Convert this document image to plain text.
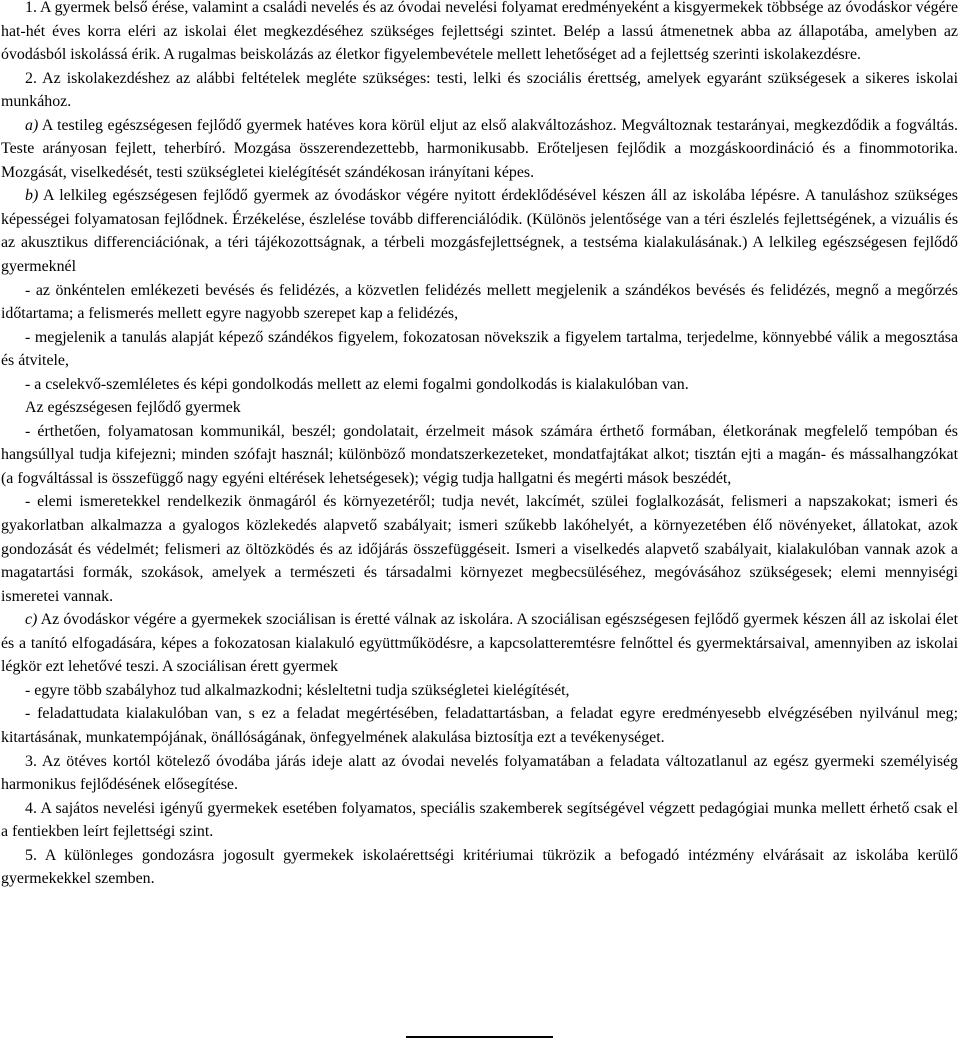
1. A gyermek belső érése, valamint a családi nevelés és az óvodai nevelési folyamat eredményeként a kisgyermekek többsége az óvodáskor végére hat-hét éves korra eléri az iskolai élet megkezdéséhez szükséges fejlettségi szintet. Belép a lassú átmenetnek abba az állapotába, amelyben az óvodásból iskolássá érik. A rugalmas beiskolázás az életkor figyelembevétele mellett lehetőséget ad a fejlettség szerinti iskolakezdésre.

2. Az iskolakezdéshez az alábbi feltételek megléte szükséges: testi, lelki és szociális érettség, amelyek egyaránt szükségesek a sikeres iskolai munkához.

a) A testileg egészségesen fejlődő gyermek hatéves kora körül eljut az első alakváltozáshoz. Megváltoznak testarányai, megkezdődik a fogváltás. Teste arányosan fejlett, teherbíró. Mozgása összerendezettebb, harmonikusabb. Erőteljesen fejlődik a mozgáskoordináció és a finommotorika. Mozgását, viselkedését, testi szükségletei kielégítését szándékosan irányítani képes.

b) A lelkileg egészségesen fejlődő gyermek az óvodáskor végére nyitott érdeklődésével készen áll az iskolába lépésre. A tanuláshoz szükséges képességei folyamatosan fejlődnek. Érzékelése, észlelése tovább differenciálódik. (Különös jelentősége van a téri észlelés fejlettségének, a vizuális és az akusztikus differenciációnak, a téri tájékozottságnak, a térbeli mozgásfejlettségnek, a testséma kialakulásának.) A lelkileg egészségesen fejlődő gyermeknél

- az önkéntelen emlékezeti bevésés és felidézés, a közvetlen felidézés mellett megjelenik a szándékos bevésés és felidézés, megnő a megőrzés időtartama; a felismerés mellett egyre nagyobb szerepet kap a felidézés,

- megjelenik a tanulás alapját képező szándékos figyelem, fokozatosan növekszik a figyelem tartalma, terjedelme, könnyebbé válik a megosztása és átvitele,

- a cselekvő-szemléletes és képi gondolkodás mellett az elemi fogalmi gondolkodás is kialakulóban van.

Az egészségesen fejlődő gyermek

- érthetően, folyamatosan kommunikál, beszél; gondolatait, érzelmeit mások számára érthető formában, életkorának megfelelő tempóban és hangsúllyal tudja kifejezni; minden szófajt használ; különböző mondatszerkezeteket, mondatfajtákat alkot; tisztán ejti a magán- és mássalhangzókat (a fogváltással is összefüggő nagy egyéni eltérések lehetségesek); végig tudja hallgatni és megérti mások beszédét,

- elemi ismeretekkel rendelkezik önmagáról és környezetéről; tudja nevét, lakcímét, szülei foglalkozását, felismeri a napszakokat; ismeri és gyakorlatban alkalmazza a gyalogos közlekedés alapvető szabályait; ismeri szűkebb lakóhelyét, a környezetében élő növényeket, állatokat, azok gondozását és védelmét; felismeri az öltözködés és az időjárás összefüggéseit. Ismeri a viselkedés alapvető szabályait, kialakulóban vannak azok a magatartási formák, szokások, amelyek a természeti és társadalmi környezet megbecsüléséhez, megóvásához szükségesek; elemi mennyiségi ismeretei vannak.

c) Az óvodáskor végére a gyermekek szociálisan is éretté válnak az iskolára. A szociálisan egészségesen fejlődő gyermek készen áll az iskolai élet és a tanító elfogadására, képes a fokozatosan kialakuló együttműködésre, a kapcsolatteremtésre felnőttel és gyermektársaival, amennyiben az iskolai légkör ezt lehetővé teszi. A szociálisan érett gyermek

- egyre több szabályhoz tud alkalmazkodni; késleltetni tudja szükségletei kielégítését,

- feladattudata kialakulóban van, s ez a feladat megértésében, feladattartásban, a feladat egyre eredményesebb elvégzésében nyilvánul meg; kitartásának, munkatempójának, önállóságának, önfegyelmének alakulása biztosítja ezt a tevékenységet.

3. Az ötéves kortól kötelező óvodába járás ideje alatt az óvodai nevelés folyamatában a feladata változatlanul az egész gyermeki személyiség harmonikus fejlődésének elősegítése.

4. A sajátos nevelési igényű gyermekek esetében folyamatos, speciális szakemberek segítségével végzett pedagógiai munka mellett érhető csak el a fentiekben leírt fejlettségi szint.

5. A különleges gondozásra jogosult gyermekek iskolaérettségi kritériumai tükrözik a befogadó intézmény elvárásait az iskolába kerülő gyermekekkel szemben.
